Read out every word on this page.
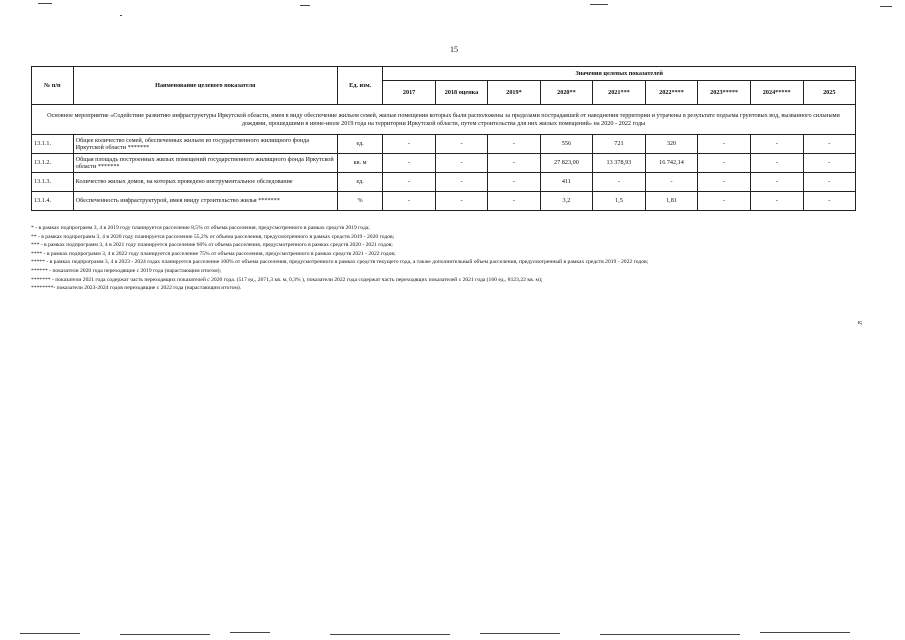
15
№ п/п	Наименование целевого показателя	Ед. изм.	Значения целевых показателей								
			2017	2018 оценка	2019*	2020**	2021***	2022****	2023*****	2024*****	2025
Основное мероприятие «Содействие развитию инфраструктуры Иркутской области, имея в виду обеспечение жильем семей, жилые помещения которых были расположены за пределами пострадавшей от наводнения территории и утрачены в результате подъема грунтовых вод, вызванного сильными дождями, прошедшими в июне-июле 2019 года на территории Иркутской области, путем строительства для них жилых помещений» на 2020 - 2022 годы											
13.1.1.	Общее количество семей, обеспеченных жильем из государственного жилищного фонда Иркутской области *******	ед.	-	-	-	556	721	320	-	-	-
13.1.2.	Общая площадь построенных жилых помещений государственного жилищного фонда Иркутской области *******	кв. м	-	-	-	27 823,00	13 378,93	16 742,14	-	-	-
13.1.3.	Количество жилых домов, на которых проведено инструментальное обследование	ед.	-	-	-	411	-	-	-	-	-
13.1.4.	Обеспеченность инфраструктурой, имея ввиду строительство жилья *******	%	-	-	-	3,2	1,5	1,81	-	-	-
* - в рамках подпрограмм 3, 4 в 2019 году планируется расселение 8,5% от объема расселения, предусмотренного в рамках средств 2019 года;
** - в рамках подпрограмм 3, 4 в 2020 году планируется расселение 55,2% от объема расселения, предусмотренного в рамках средств 2019 - 2020 годов;
*** - в рамках подпрограмм 3, 4 в 2021 году планируется расселение 60% от объема расселения, предусмотренного в рамках средств 2020 - 2021 годов;
**** - в рамках подпрограмм 3, 4 в 2022 году планируется расселение 75% от объема расселения, предусмотренного в рамках средств 2021 - 2022 годов;
***** - в рамках подпрограмм 3, 4 в 2023 - 2024 годах планируется расселение 100% от объема расселения, предусмотренного в рамках средств текущего года, а также дополнительный объем расселения, предусмотренный в рамках средств 2019 - 2022 годов;
****** - показатели 2020 года переходящие с 2019 года (нарастающим итогом);
******* - показатели 2021 года содержат часть переходящих показателей с 2020 года. (517 ед., 2671,3 кв. м, 0,3% ), показатели 2022 года содержат часть переходящих показателей с 2021 года (160 ед., 8123,22 кв. м);
********- показатели 2023-2024 годов переходящие с 2022 года (нарастающим итогом).
к;
